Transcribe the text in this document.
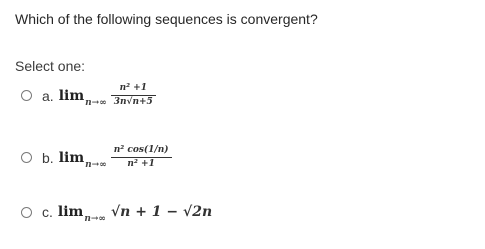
Which of the following sequences is convergent?
Select one:
a. $\lim n\to\infty \frac{\text{n² +1}}{3n√n+5}$
b. $\lim n\to\infty \frac{\text{n² cos(1/n)}}{\text{n² +1}}$
c. lim n→∞ √n + 1 − √2n
